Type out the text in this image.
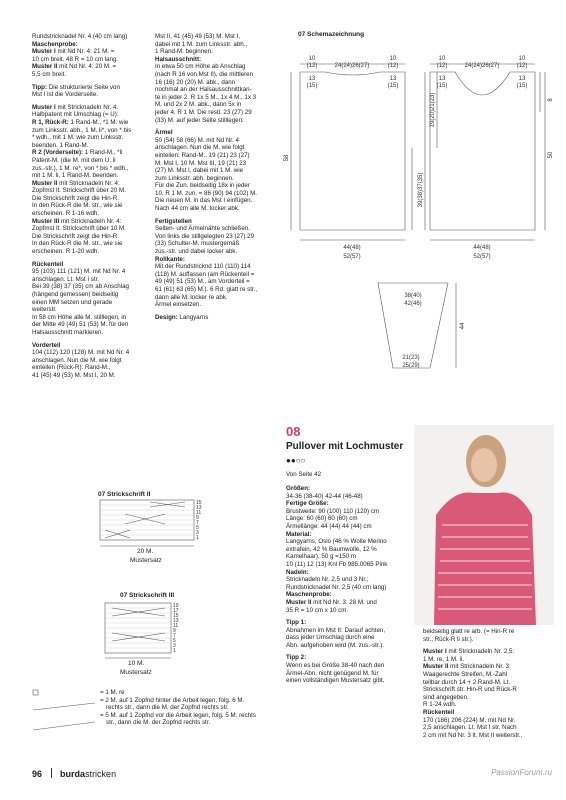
Rundstricknadel Nr. 4 (40 cm lang)
Maschenprobe:
Muster I mit Nd Nr. 4: 21 M. =
10 cm breit. 48 R = 10 cm lang.
Muster II mit Nd Nr. 4: 20 M. =
5,5 cm breit.
Tipp: Die strukturierte Seite von
Mst I ist die Vorderseite.
Muster I mit Stricknadeln Nr. 4:
Halbpatent mit Umschlag (= U):
R 1, Rück-R: 1 Rand-M., *1 M. wie
zum Linksstr. abh., 1 M. li*, von * bis
* wdh., mit 1 M. wie zum Linksstr.
beenden, 1 Rand-M.
R 2 (Vorderseite): 1 Rand-M., *li
Patent-M. (die M. mit dem U. li
zus.-str.), 1 M. re*, von * bis * wdh.,
mit 1 M. li, 1 Rand-M. beenden.
Muster II mit Stricknadeln Nr. 4:
Zopfmst lt. Strickschrift über 20 M.
Die Strickschrift zeigt die Hin-R.
In den Rück-R die M. str., wie sie
erscheinen. R 1-16 wdh.
Muster III mit Stricknadeln Nr. 4:
Zopfmst lt. Strickschrift über 10 M.
Die Strickschrift zeigt die Hin-R.
In den Rück-R die M. str., wie sie
erscheinen. R 1-20 wdh.
Rückenteil
95 (103) 111 (121) M. mit Nd Nr. 4
anschlagen. Lt. Mst I str.
Bei 39 (38) 37 (35) cm ab Anschlag
(hängend gemessen) beidseitig
einen MM setzen und gerade
weiterstr.
In 58 cm Höhe alle M. stilllegen, in
der Mitte 49 (49) 51 (53) M. für den
Halsausschnitt markieren.
Vorderteil
104 (112) 120 (128) M. mit Nd Nr. 4
anschlagen. Nun die M. wie folgt
einteilen (Rück-R): Rand-M.,
41 (45) 49 (53) M. Mst I, 20 M.
Mst II, 41 (45) 49 (53) M. Mst I,
dabei mit 1 M. zum Linksstr. abh.,
1 Rand-M. beginnen.
Halsausschnitt:
In etwa 50 cm Höhe ab Anschlag
(nach R 16 von Mst II), die mittleren
16 (16) 20 (20) M. abk., dann
nochmal an der Halsausschnittkan-
te in jeder 2. R 1x 5 M., 1x 4 M., 1x 3
M. und 2x 2 M. abk., dann 5x in
jeder 4. R 1 M. Die restl. 23 (27) 29
(33) M. auf jeder Seite stilllegen.
Ärmel
50 (54) 58 (66) M. mit Nd Nr. 4
anschlagen. Nun die M. wie folgt
einteilen: Rand-M., 19 (21) 23 (27)
M. Mst I, 10 M. Mst III, 19 (21) 23
(27) M. Mst I, dabei mit 1 M. wie
zum Linksstr. abh. beginnen.
Für die Zun. beidseitig 18x in jeder
10. R 1 M. zun. = 86 (90) 94 (102) M.
Die neuen M. in das Mst I einfügen.
Nach 44 cm alle M. locker abk.
Fertigstellen
Seiten- und Ärmelnähte schließen.
Von links die stillgelegten 23 (27) 29
(33) Schulter-M. mustergemäß
zus.-str. und dabei locker abk.
Rollkante:
Mit der Rundstricknd 110 (110) 114
(118) M. auffassen (am Rückenteil =
49 (49) 51 (53) M., am Vorderteil =
61 (61) 63 (65) M.). 6 Rd. glatt re str.,
dann alle M. locker re abk.
Ärmel einsetzen.
Design: Langyarns
07 Schemazeichnung
10
(12)	24(24)26(27)
10
(12)
13
(15)
13
(15)
44(48)
52(57)
10
(12)	24(24)26(27)
10
(12)
13
(15)
13
(15)
44(48)
52(57)
38(40)
42(46)
21(23)
25(29)
58
39(38)37(35)
19(20)21(23)
50
8
44
15
13
11
9
7
5
3
1
19
17
15
13
11
9
7
5
3
1
07 Strickschrift II
20 M.
Mustersatz
07 Strickschrift III
10 M.
Mustersatz
= 1 M. re
= 2 M. auf 1 Zopfnd hinter die Arbeit legen, folg. 6 M.
rechts str., dann die M. der Zopfnd rechts str.
= 5 M. auf 1 Zopfnd vor die Arbeit legen, folg. 5 M. rechts
str., dann die M. der Zopfnd rechts str.
08
Pullover mit Lochmuster
●●○○
Von Seite 42
Größen:
34-36 (38-40) 42-44 (46-48)
Fertige Größe:
Brustweite: 90 (100) 110 (120) cm
Länge: 60 (60) 60 (60) cm
Ärmellänge: 44 (44) 44 (44) cm
Material:
Langyarns, Oslo (46 % Wolle Merino
extrafein, 42 % Baumwolle, 12 %
Kamelhaar); 50 g =150 m
10 (11) 12 (13) Knl Fb 985.0065 Pink
Nadeln:
Stricknadeln Nr. 2,5 und 3 Nr.;
Rundstricknadel Nr. 2,5 (40 cm lang)
Maschenprobe:
Muster II mit Nd Nr. 3: 28 M. und
35 R = 10 cm x 10 cm.
Tipp 1:
Abnahmen im Mst II: Darauf achten,
dass jeder Umschlag durch eine
Abn. aufgehoben wird (M. zus.-str.).
Tipp 2:
Wenn es bei Größe 38-40 nach den
Ärmel-Abn. nicht genügend M. für
einen vollständigen Mustersatz gibt,
beidseitig glatt re arb. (= Hin-R re
str., Rück-R li str.).
Muster I mit Stricknadeln Nr. 2,5:
1 M. re, 1 M. li.
Muster II mit Stricknadeln Nr. 3:
Waagerechte Streifen, M.-Zahl
teilbar durch 14 + 2 Rand-M. Lt.
Strickschrift str. Hin-R und Rück-R
sind angegeben.
R 1-24 wdh.
Rückenteil
170 (186) 206 (224) M. mit Nd Nr.
2,5 anschlagen. Lt. Mst I str. Nach
2 cm mit Nd Nr. 3 lt. Mst II weiterstr.,
96 burdastricken	PassionForum.ru
